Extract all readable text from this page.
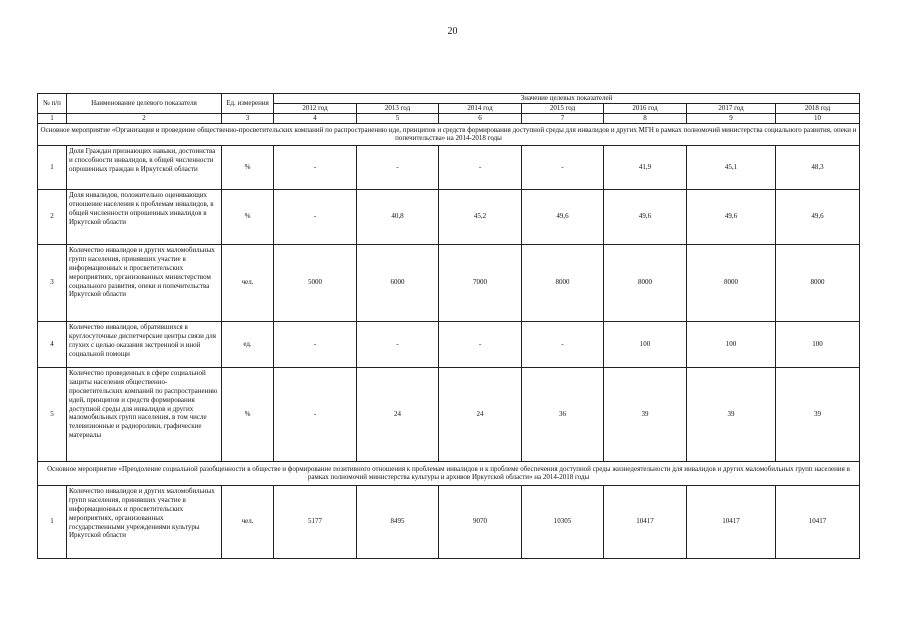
20
№ п/п	Наименование целевого показателя	Ед. измерения	Значение целевых показателей						
			2012 год	2013 год	2014 год	2015 год	2016 год	2017 год	2018 год
1	2	3	4	5	6	7	8	9	10
Основное мероприятие «Организация и проведение общественно-просветительских компаний по распространению иде, принципов и средств формирования доступной среды для инвалидов и других МГН в рамках полномочий министерства социального развития, опеки и попечительства» на 2014-2018 годы									
1	Доля Граждан признающих навыки, достоинства и способности инвалидов, в общей численности опрошенных граждан в Иркутской области	%	-	-	-	-	41,9	45,1	48,3
2	Доля инвалидов, положительно оценивающих отношение населения к проблемам инвалидов, в общей численности опрошенных инвалидов в Иркутской области	%	-	40,8	45,2	49,6	49,6	49,6	49,6
3	Количество инвалидов и других маломобильных групп населения, принявших участие в информационных и просветительских мероприятиях, организованных министерством социального развития, опеки и попечительства Иркутской области	чел.	5000	6000	7000	8000	8000	8000	8000
4	Количество инвалидов, обратившихся в круглосуточные диспетчерские центры связи для глухих с целью оказания экстренной и иной социальной помощи	ед.	-	-	-	-	100	100	100
5	Количество проведенных в сфере социальной защиты населения общественно-просветительских компаний по распространению идей, принципов и средств формирования доступной среды для инвалидов и других маломобильных групп населения, в том числе телевизионные и радиоролики, графические материалы	%	-	24	24	36	39	39	39
Основное мероприятие «Преодоление социальной разобщенности в обществе и формирование позитивного отношения к проблемам инвалидов и к проблеме обеспечения доступной среды жизнедеятельности для инвалидов и других маломобильных групп населения в рамках полномочий министерства культуры и архивов Иркутской области» на 2014-2018 годы									
1	Количество инвалидов и других маломобильных групп населения, принявших участие в информационных и просветительских мероприятиях, организованных государственными учреждениями культуры Иркутской области	чел.	5177	8495	9070	10305	10417	10417	10417
